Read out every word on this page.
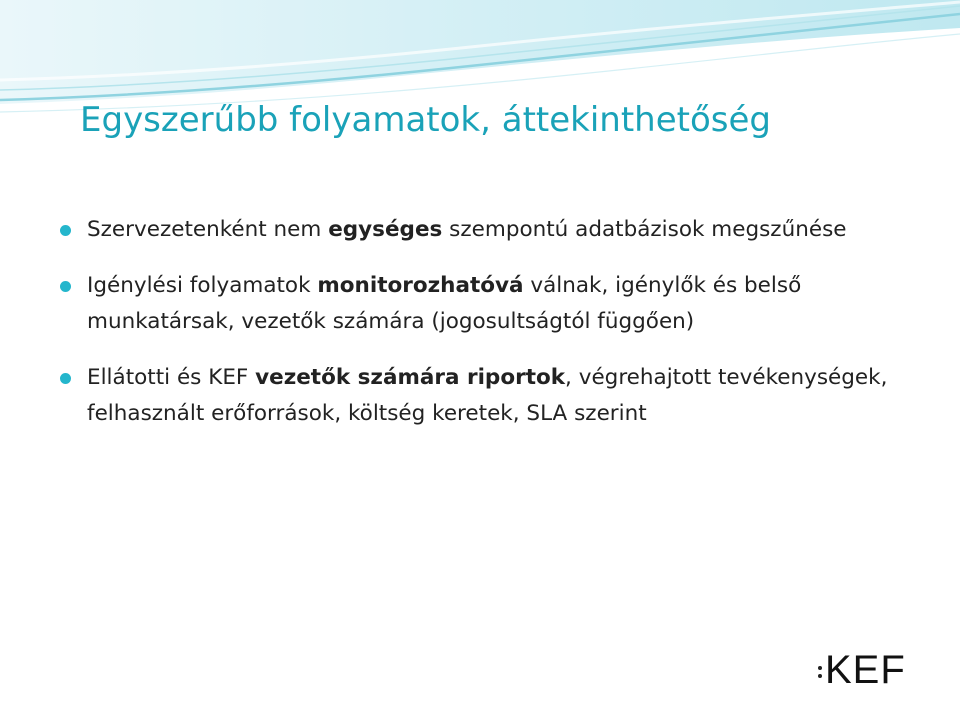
Egyszerűbb folyamatok, áttekinthetőség
Szervezetenként nem egységes szempontú adatbázisok megszűnése
Igénylési folyamatok monitorozhatóvá válnak, igénylők és belső munkatársak, vezetők számára (jogosultságtól függően)
Ellátotti és KEF vezetők számára riportok, végrehajtott tevékenységek, felhasznált erőforrások, költség keretek, SLA szerint
KEF
